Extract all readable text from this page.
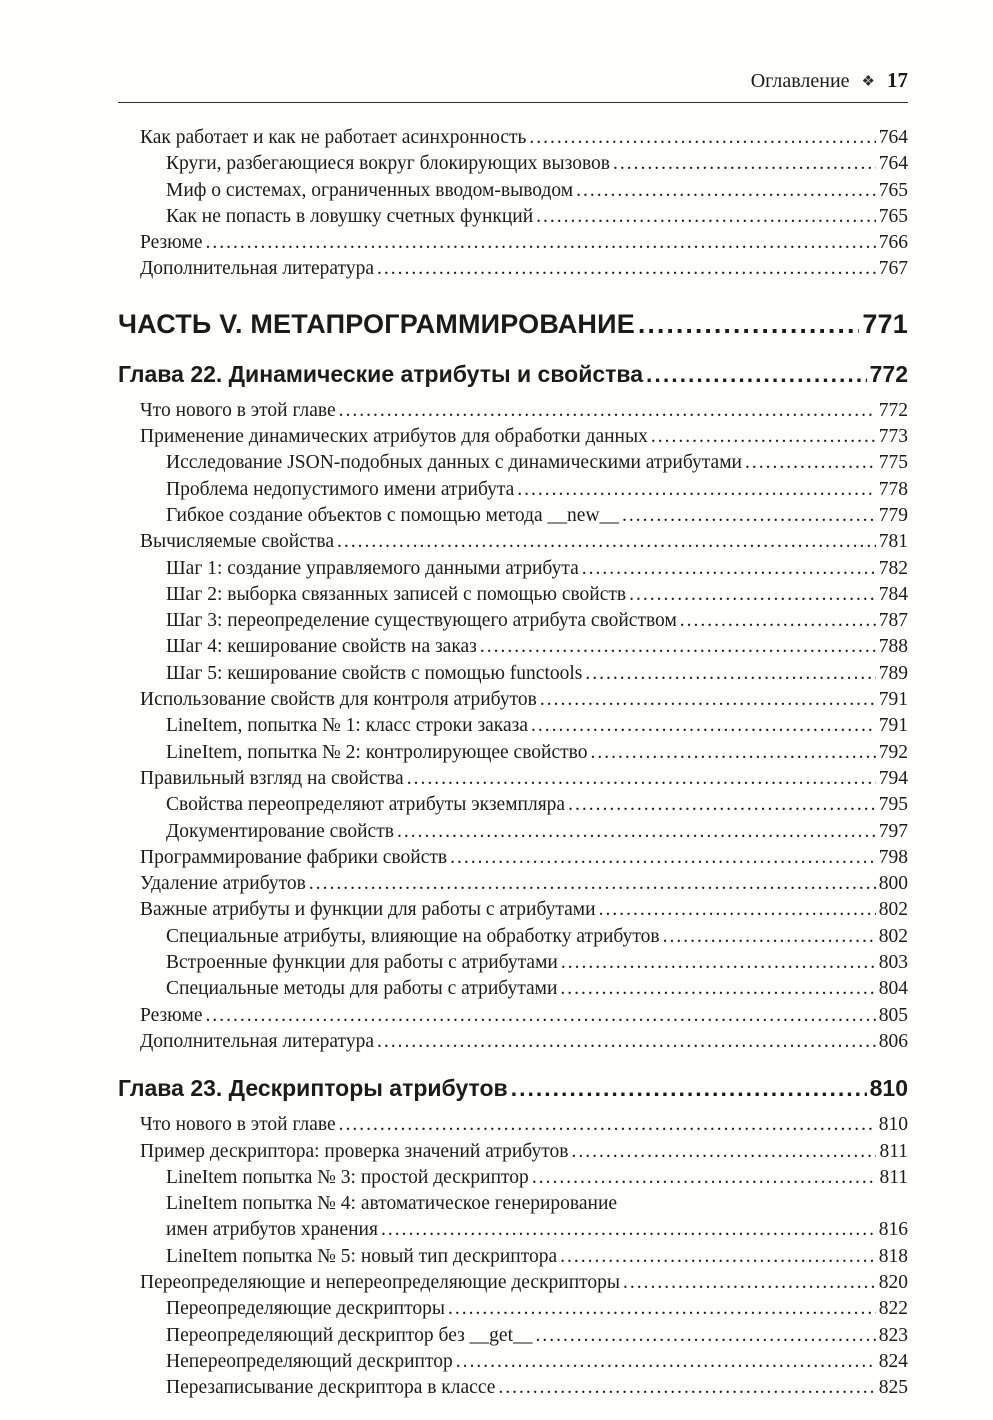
Оглавление ❖ 17
Как работает и как не работает асинхронность .....	764
Круги, разбегающиеся вокруг блокирующих вызовов .....	764
Миф о системах, ограниченных вводом-выводом .....	765
Как не попасть в ловушку счетных функций .....	765
Резюме .....	766
Дополнительная литература .....	767
ЧАСТЬ V. МЕТАПРОГРАММИРОВАНИЕ .....	771
Глава 22. Динамические атрибуты и свойства .....	772
Что нового в этой главе .....	772
Применение динамических атрибутов для обработки данных .....	773
Исследование JSON-подобных данных с динамическими атрибутами .....	775
Проблема недопустимого имени атрибута .....	778
Гибкое создание объектов с помощью метода __new__ .....	779
Вычисляемые свойства .....	781
Шаг 1: создание управляемого данными атрибута .....	782
Шаг 2: выборка связанных записей с помощью свойств .....	784
Шаг 3: переопределение существующего атрибута свойством .....	787
Шаг 4: кеширование свойств на заказ .....	788
Шаг 5: кеширование свойств с помощью functools .....	789
Использование свойств для контроля атрибутов .....	791
LineItem, попытка № 1: класс строки заказа .....	791
LineItem, попытка № 2: контролирующее свойство .....	792
Правильный взгляд на свойства .....	794
Свойства переопределяют атрибуты экземпляра .....	795
Документирование свойств .....	797
Программирование фабрики свойств .....	798
Удаление атрибутов .....	800
Важные атрибуты и функции для работы с атрибутами .....	802
Специальные атрибуты, влияющие на обработку атрибутов .....	802
Встроенные функции для работы с атрибутами .....	803
Специальные методы для работы с атрибутами .....	804
Резюме .....	805
Дополнительная литература .....	806
Глава 23. Дескрипторы атрибутов .....	810
Что нового в этой главе .....	810
Пример дескриптора: проверка значений атрибутов .....	811
LineItem попытка № 3: простой дескриптор .....	811
LineItem попытка № 4: автоматическое генерирование
имен атрибутов хранения .....	816
LineItem попытка № 5: новый тип дескриптора .....	818
Переопределяющие и непереопределяющие дескрипторы .....	820
Переопределяющие дескрипторы .....	822
Переопределяющий дескриптор без __get__ .....	823
Непереопределяющий дескриптор .....	824
Перезаписывание дескриптора в классе .....	825
